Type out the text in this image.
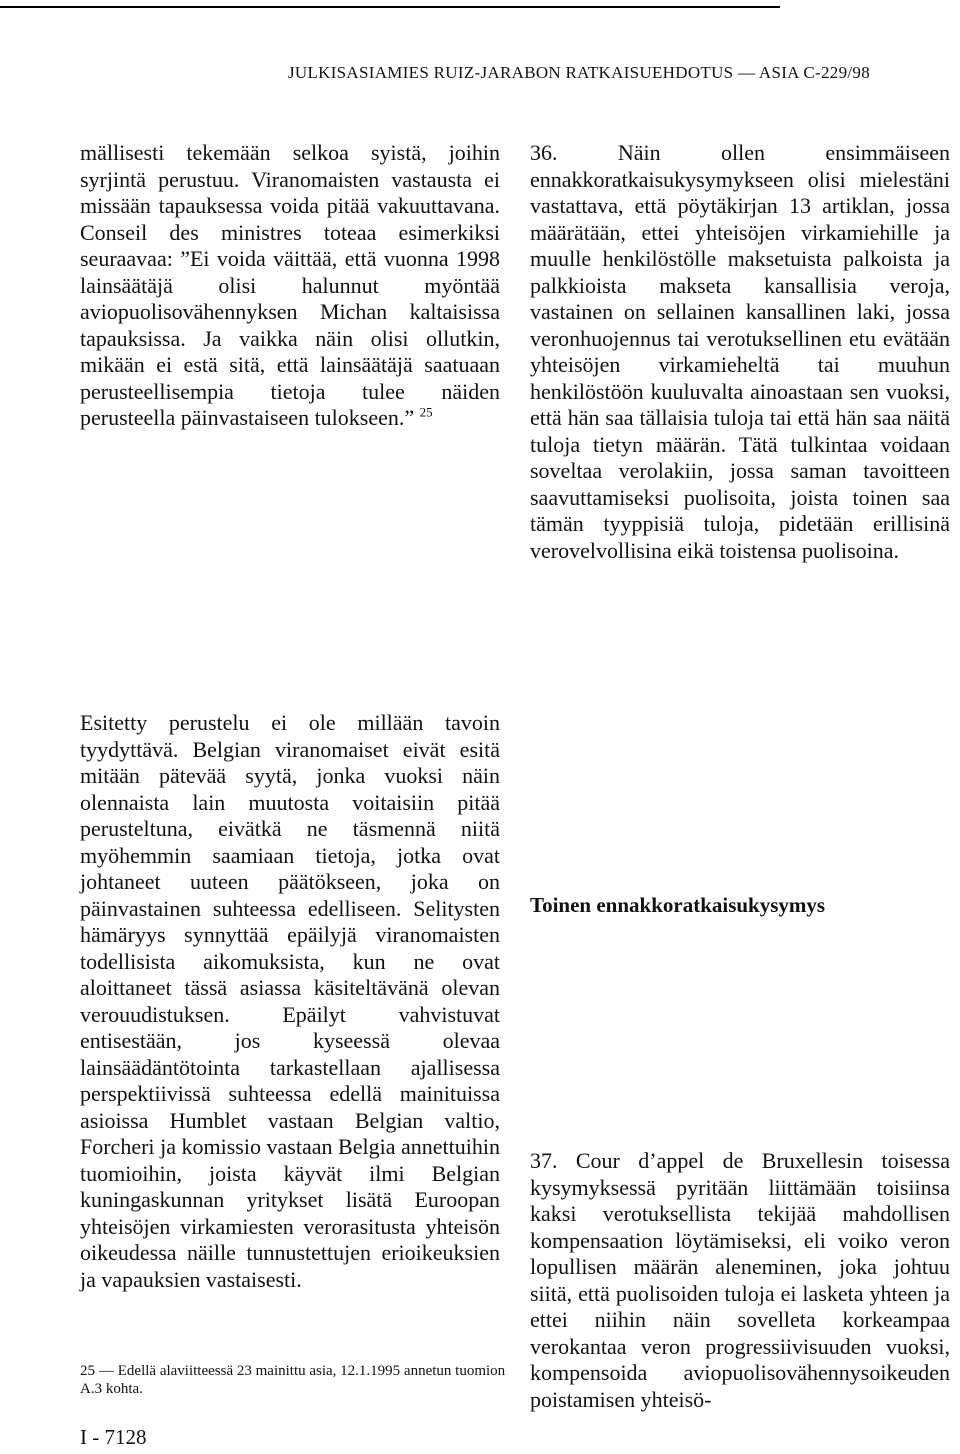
JULKISASIAMIES RUIZ-JARABON RATKAISUEHDOTUS — ASIA C-229/98

mällisesti tekemään selkoa syistä, joihin syrjintä perustuu. Viranomaisten vastausta ei missään tapauksessa voida pitää vakuuttavana. Conseil des ministres toteaa esimerkiksi seuraavaa: ”Ei voida väittää, että vuonna 1998 lainsäätäjä olisi halunnut myöntää aviopuolisovähennyksen Michan kaltaisissa tapauksissa. Ja vaikka näin olisi ollutkin, mikään ei estä sitä, että lainsäätäjä saatuaan perusteellisempia tietoja tulee näiden perusteella päinvastaiseen tulokseen.” $^{25}$

36. Näin ollen ensimmäiseen ennakkoratkaisukysymykseen olisi mielestäni vastattava, että pöytäkirjan 13 artiklan, jossa määrätään, ettei yhteisöjen virkamiehille ja muulle henkilöstölle maksetuista palkoista ja palkkioista makseta kansallisia veroja, vastainen on sellainen kansallinen laki, jossa veronhuojennus tai verotuksellinen etu evätään yhteisöjen virkamieheltä tai muuhun henkilöstöön kuuluvalta ainoastaan sen vuoksi, että hän saa tällaisia tuloja tai että hän saa näitä tuloja tietyn määrän. Tätä tulkintaa voidaan soveltaa verolakiin, jossa saman tavoitteen saavuttamiseksi puolisoita, joista toinen saa tämän tyyppisiä tuloja, pidetään erillisinä verovelvollisina eikä toistensa puolisoina.

Esitetty perustelu ei ole millään tavoin tyydyttävä. Belgian viranomaiset eivät esitä mitään pätevää syytä, jonka vuoksi näin olennaista lain muutosta voitaisiin pitää perusteltuna, eivätkä ne täsmennä niitä myöhemmin saamiaan tietoja, jotka ovat johtaneet uuteen päätökseen, joka on päinvastainen suhteessa edelliseen. Selitysten hämäryys synnyttää epäilyjä viranomaisten todellisista aikomuksista, kun ne ovat aloittaneet tässä asiassa käsiteltävänä olevan verouudistuksen. Epäilyt vahvistuvat entisestään, jos kyseessä olevaa lainsäädäntötointa tarkastellaan ajallisessa perspektiivissä suhteessa edellä mainituissa asioissa Humblet vastaan Belgian valtio, Forcheri ja komissio vastaan Belgia annettuihin tuomioihin, joista käyvät ilmi Belgian kuningaskunnan yritykset lisätä Euroopan yhteisöjen virkamiesten verorasitusta yhteisön oikeudessa näille tunnustettujen erioikeuksien ja vapauksien vastaisesti.

Toinen ennakkoratkaisukysymys

37. Cour d’appel de Bruxellesin toisessa kysymyksessä pyritään liittämään toisiinsa kaksi verotuksellista tekijää mahdollisen kompensaation löytämiseksi, eli voiko veron lopullisen määrän aleneminen, joka johtuu siitä, että puolisoiden tuloja ei lasketa yhteen ja ettei niihin näin sovelleta korkeampaa verokantaa veron progressiivisuuden vuoksi, kompensoida aviopuolisovähennysoikeuden poistamisen yhteisö-

25 — Edellä alaviitteessä 23 mainittu asia, 12.1.1995 annetun tuomion A.3 kohta.
I - 7128
